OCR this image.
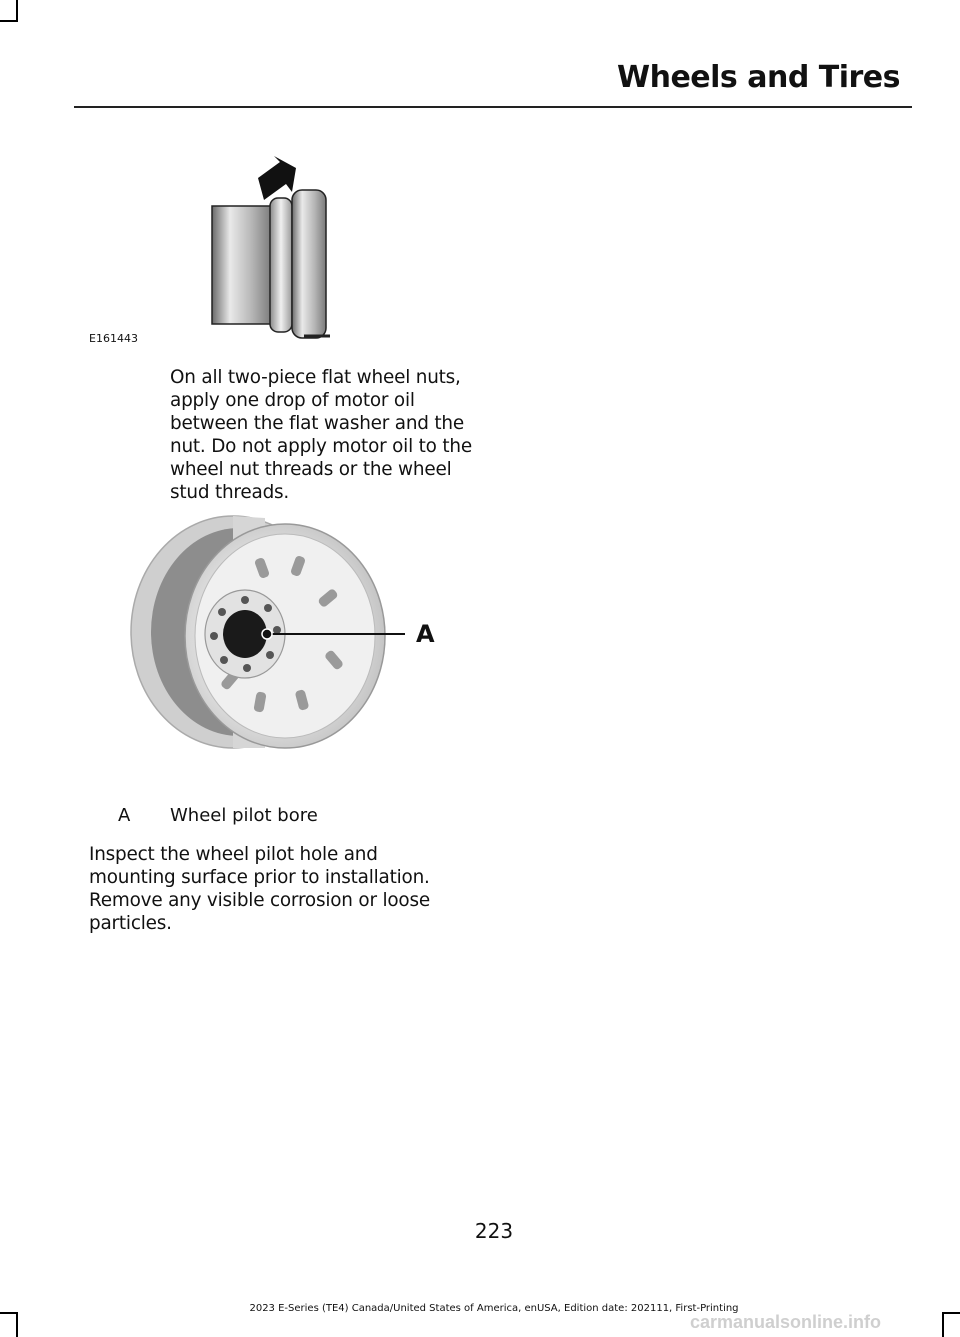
Wheels and Tires
E161443
On all two-piece flat wheel nuts,
apply one drop of motor oil
between the flat washer and the
nut. Do not apply motor oil to the
wheel nut threads or the wheel
stud threads.
A
A Wheel pilot bore
Inspect the wheel pilot hole and
mounting surface prior to installation.
Remove any visible corrosion or loose
particles.
223
2023 E-Series (TE4) Canada/United States of America, enUSA, Edition date: 202111, First-Printing
carmanualsonline.info
